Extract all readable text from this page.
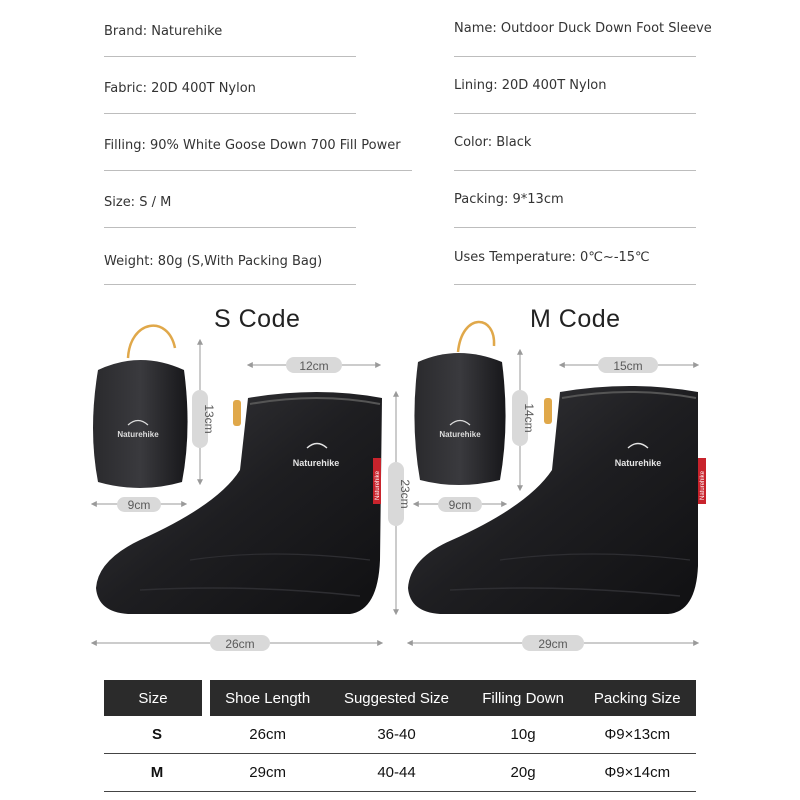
Brand: Naturehike	Name: Outdoor Duck Down Foot Sleeve
Fabric: 20D 400T Nylon	Lining: 20D 400T Nylon
Filling: 90% White Goose Down 700 Fill Power	Color: Black
Size: S / M	Packing: 9*13cm
Weight: 80g (S,With Packing Bag)	Uses Temperature: 0℃~-15℃
S Code	M Code
Naturehike
Naturehike
Naturehike
13cm
9cm
12cm
23cm
26cm
Naturehike
Naturehike
Naturehike
14cm
9cm
15cm
29cm
Size	Shoe Length	Suggested Size	Filling Down	Packing Size
S	26cm	36-40	10g	Φ9×13cm
M	29cm	40-44	20g	Φ9×14cm
